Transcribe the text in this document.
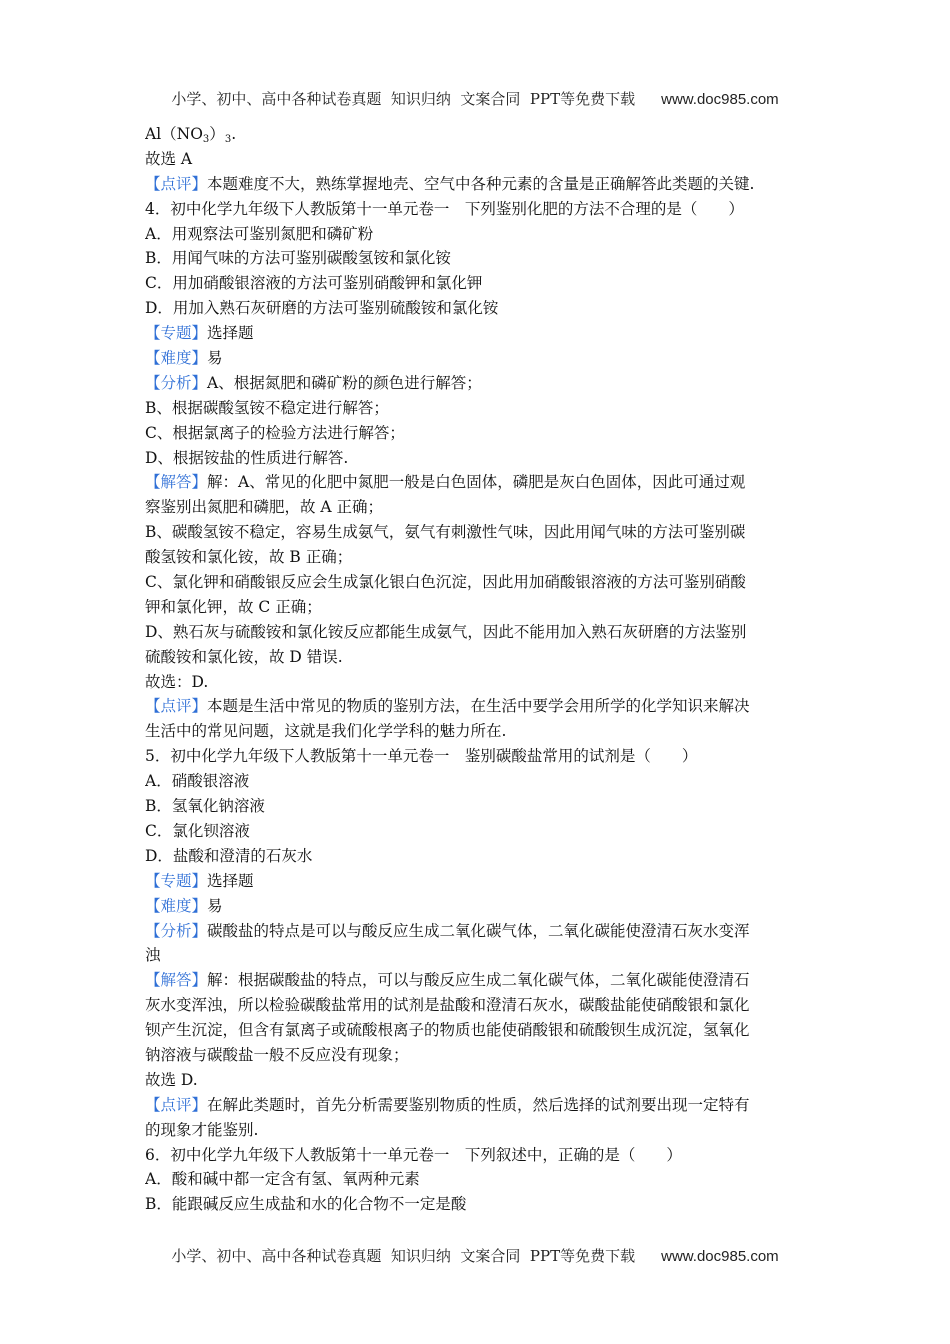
小学、初中、高中各种试卷真题  知识归纳  文案合同  PPT等免费下载 www.doc985.com
$Al(NO_3)_3$.
故选 A
【点评】本题难度不大，熟练掌握地壳、空气中各种元素的含量是正确解答此类题的关键.
4．初中化学九年级下人教版第十一单元卷一　下列鉴别化肥的方法不合理的是（　　）
A．用观察法可鉴别氮肥和磷矿粉
B．用闻气味的方法可鉴别碳酸氢铵和氯化铵
C．用加硝酸银溶液的方法可鉴别硝酸钾和氯化钾
D．用加入熟石灰研磨的方法可鉴别硫酸铵和氯化铵
【专题】选择题
【难度】易
【分析】A、根据氮肥和磷矿粉的颜色进行解答；
B、根据碳酸氢铵不稳定进行解答；
C、根据氯离子的检验方法进行解答；
D、根据铵盐的性质进行解答.
【解答】解：A、常见的化肥中氮肥一般是白色固体，磷肥是灰白色固体，因此可通过观
察鉴别出氮肥和磷肥，故 A 正确；
B、碳酸氢铵不稳定，容易生成氨气，氨气有刺激性气味，因此用闻气味的方法可鉴别碳
酸氢铵和氯化铵，故 B 正确；
C、氯化钾和硝酸银反应会生成氯化银白色沉淀，因此用加硝酸银溶液的方法可鉴别硝酸
钾和氯化钾，故 C 正确；
D、熟石灰与硫酸铵和氯化铵反应都能生成氨气，因此不能用加入熟石灰研磨的方法鉴别
硫酸铵和氯化铵，故 D 错误.
故选：D.
【点评】本题是生活中常见的物质的鉴别方法，在生活中要学会用所学的化学知识来解决
生活中的常见问题，这就是我们化学学科的魅力所在.
5．初中化学九年级下人教版第十一单元卷一　鉴别碳酸盐常用的试剂是（　　）
A．硝酸银溶液
B．氢氧化钠溶液
C．氯化钡溶液
D．盐酸和澄清的石灰水
【专题】选择题
【难度】易
【分析】碳酸盐的特点是可以与酸反应生成二氧化碳气体，二氧化碳能使澄清石灰水变浑
浊
【解答】解：根据碳酸盐的特点，可以与酸反应生成二氧化碳气体，二氧化碳能使澄清石
灰水变浑浊，所以检验碳酸盐常用的试剂是盐酸和澄清石灰水，碳酸盐能使硝酸银和氯化
钡产生沉淀，但含有氯离子或硫酸根离子的物质也能使硝酸银和硫酸钡生成沉淀，氢氧化
钠溶液与碳酸盐一般不反应没有现象；
故选 D.
【点评】在解此类题时，首先分析需要鉴别物质的性质，然后选择的试剂要出现一定特有
的现象才能鉴别.
6．初中化学九年级下人教版第十一单元卷一　下列叙述中，正确的是（　　）
A．酸和碱中都一定含有氢、氧两种元素
B．能跟碱反应生成盐和水的化合物不一定是酸
小学、初中、高中各种试卷真题  知识归纳  文案合同  PPT等免费下载 www.doc985.com
